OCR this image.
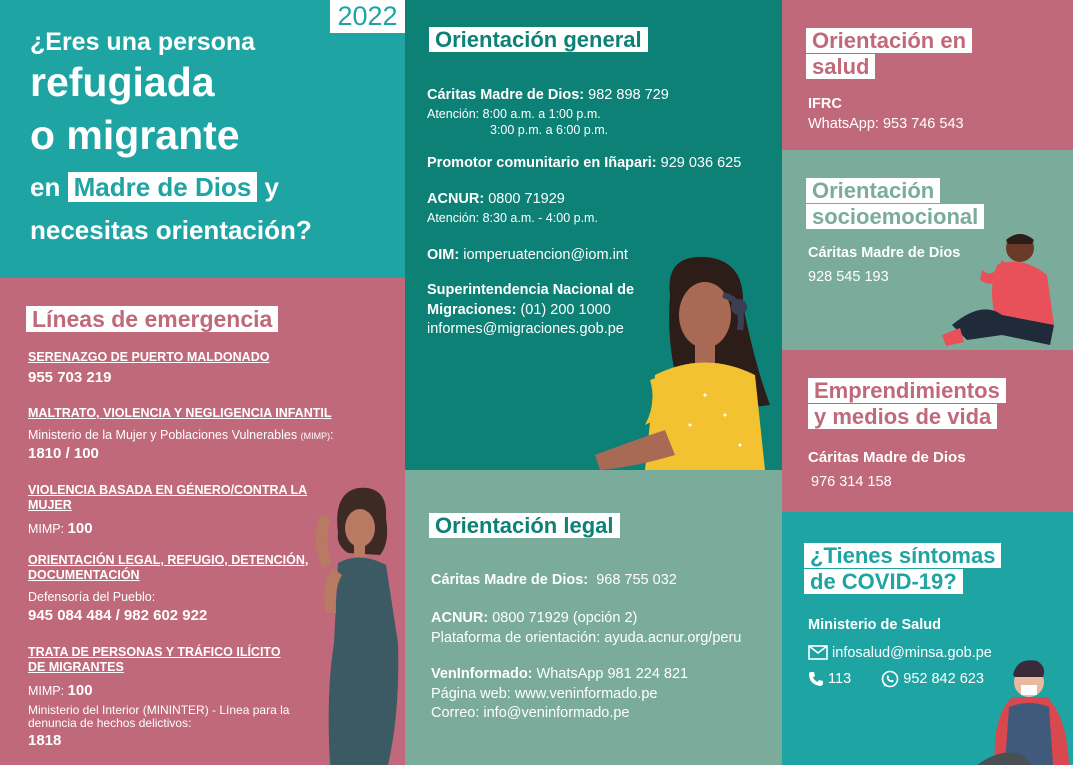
2022
¿Eres una persona
refugiada
o migrante
en Madre de Dios y
necesitas orientación?
Líneas de emergencia
SERENAZGO DE PUERTO MALDONADO
955 703 219
MALTRATO, VIOLENCIA Y NEGLIGENCIA INFANTIL
Ministerio de la Mujer y Poblaciones Vulnerables (MIMP):
1810 / 100
VIOLENCIA BASADA EN GÉNERO/CONTRA LA MUJER
MIMP: 100
ORIENTACIÓN LEGAL, REFUGIO, DETENCIÓN, DOCUMENTACIÓN
Defensoría del Pueblo:
945 084 484 / 982 602 922
TRATA DE PERSONAS Y TRÁFICO ILÍCITO DE MIGRANTES
MIMP: 100
Ministerio del Interior (MININTER) - Línea para la denuncia de hechos delictivos:
1818
Orientación general
Cáritas Madre de Dios: 982 898 729
Atención: 8:00 a.m. a 1:00 p.m.
3:00 p.m. a 6:00 p.m.
Promotor comunitario en Iñapari: 929 036 625
ACNUR: 0800 71929
Atención: 8:30 a.m. - 4:00 p.m.
OIM: iomperuatencion@iom.int
Superintendencia Nacional de
Migraciones: (01) 200 1000
informes@migraciones.gob.pe
Orientación legal
Cáritas Madre de Dios: 968 755 032
ACNUR: 0800 71929 (opción 2)
Plataforma de orientación: ayuda.acnur.org/peru
VenInformado: WhatsApp 981 224 821
Página web: www.veninformado.pe
Correo: info@veninformado.pe
Orientación en
salud
IFRC
WhatsApp: 953 746 543
Orientación
socioemocional
Cáritas Madre de Dios
928 545 193
Emprendimientos
y medios de vida
Cáritas Madre de Dios
976 314 158
¿Tienes síntomas
de COVID-19?
Ministerio de Salud
infosalud@minsa.gob.pe
113	952 842 623
